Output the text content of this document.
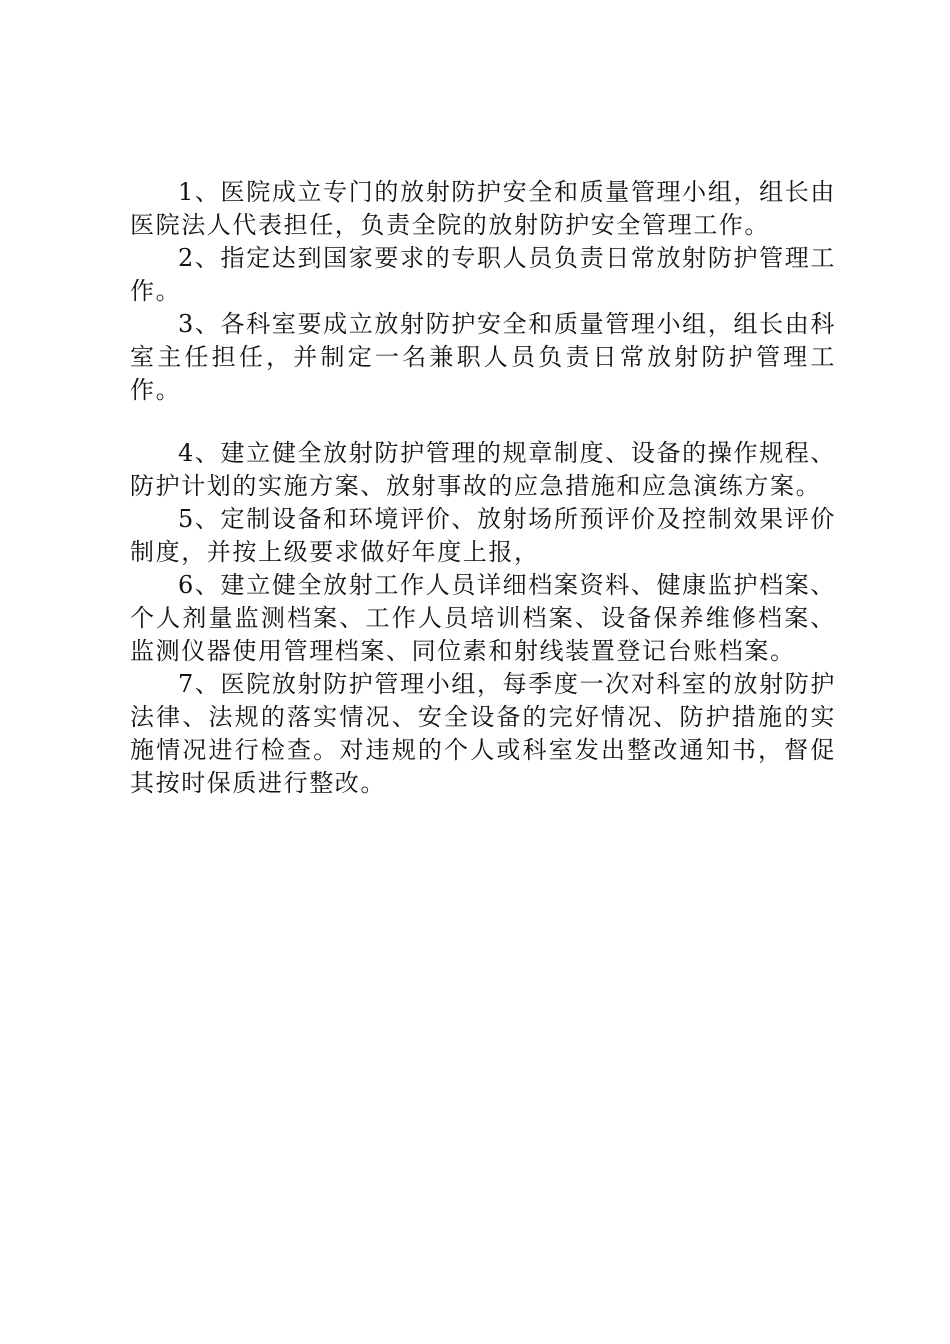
1、医院成立专门的放射防护安全和质量管理小组，组长由医院法人代表担任，负责全院的放射防护安全管理工作。

2、指定达到国家要求的专职人员负责日常放射防护管理工作。

3、各科室要成立放射防护安全和质量管理小组，组长由科室主任担任，并制定一名兼职人员负责日常放射防护管理工作。

4、建立健全放射防护管理的规章制度、设备的操作规程、防护计划的实施方案、放射事故的应急措施和应急演练方案。

5、定制设备和环境评价、放射场所预评价及控制效果评价制度，并按上级要求做好年度上报，

6、建立健全放射工作人员详细档案资料、健康监护档案、个人剂量监测档案、工作人员培训档案、设备保养维修档案、监测仪器使用管理档案、同位素和射线装置登记台账档案。

7、医院放射防护管理小组，每季度一次对科室的放射防护法律、法规的落实情况、安全设备的完好情况、防护措施的实施情况进行检查。对违规的个人或科室发出整改通知书，督促其按时保质进行整改。
